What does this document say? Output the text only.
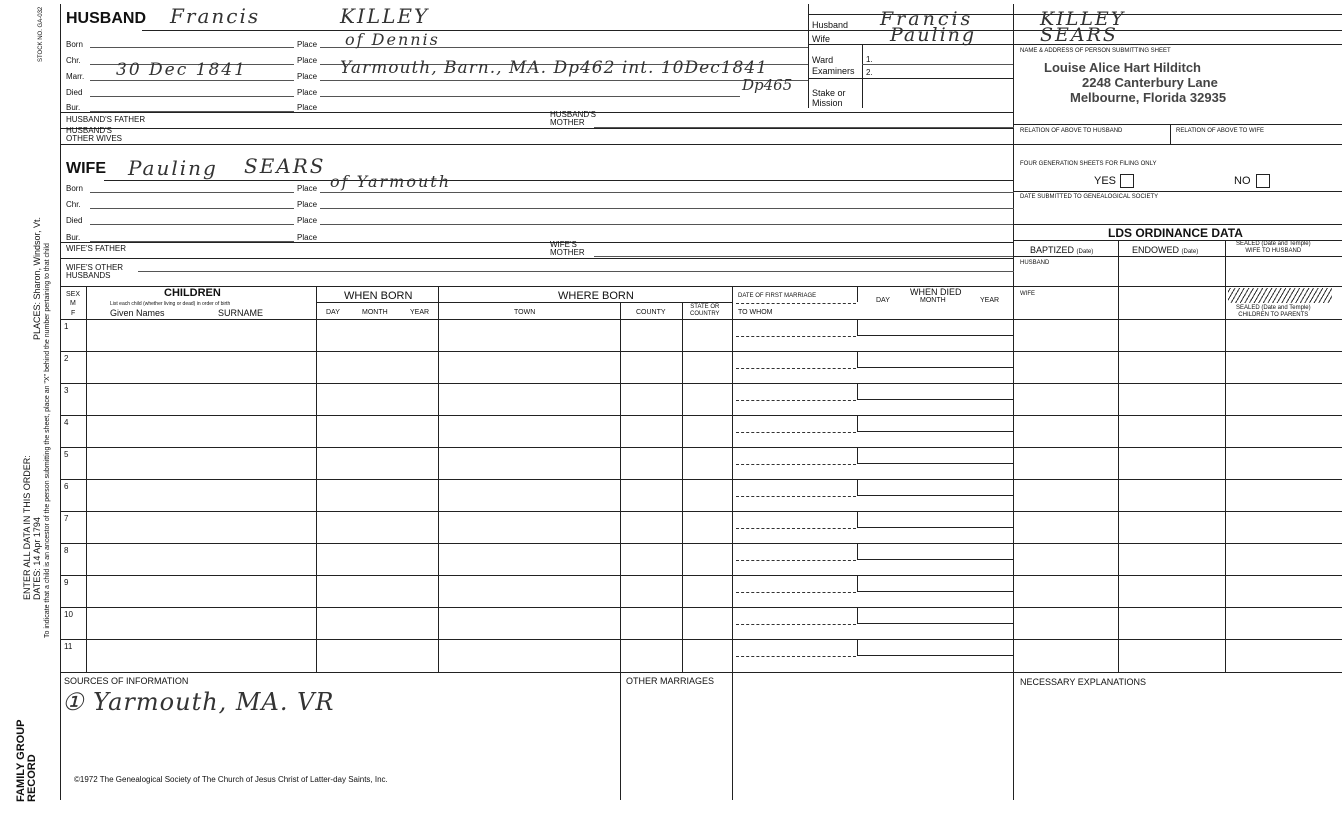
STOCK NO. GA-032
FAMILY GROUP RECORD
ENTER ALL DATA IN THIS ORDER: DATES: 14 Apr 1794
PLACES: Sharon, Windsor, Vt. To indicate that a child is an ancestor of the person submitting the sheet, place an "X" behind the number pertaining to that child
HUSBAND Francis	KILLEY
Born	Place of Dennis
Chr.	Place
Marr. 30 Dec 1841	Place Yarmouth, Barn., MA. Dp462 int. 10Dec1841
Dp465
Died	Place
Bur.	Place
HUSBAND'S FATHER
HUSBAND'S
MOTHER
HUSBAND'S
OTHER WIVES
WIFE Pauling SEARS
Born	Place of Yarmouth
Chr.	Place
Died	Place
Bur.	Place
WIFE'S FATHER	WIFE'S
MOTHER
WIFE'S OTHER
HUSBANDS
SEX
M
F
CHILDREN
List each child (whether living or dead) in order of birth
Given Names	SURNAME
WHEN BORN
DAY	MONTH	YEAR
WHERE BORN
TOWN	COUNTY
STATE OR
COUNTRY
DATE OF FIRST MARRIAGE
TO WHOM
WHEN DIED
DAY	MONTH	YEAR
1
2
3
4
5
6
7
8
9
10
11
SOURCES OF INFORMATION
① Yarmouth, MA. VR
OTHER MARRIAGES	NECESSARY EXPLANATIONS
©1972 The Genealogical Society of The Church of Jesus Christ of Latter-day Saints, Inc.
Husband Francis	KILLEY
Wife	Pauling	SEARS
Ward
Examiners
1.
2.
Stake or
Mission
NAME & ADDRESS OF PERSON SUBMITTING SHEET
Louise Alice Hart Hilditch
2248 Canterbury Lane
Melbourne, Florida 32935
RELATION OF ABOVE TO HUSBAND	RELATION OF ABOVE TO WIFE
FOUR GENERATION SHEETS FOR FILING ONLY
YES	NO
DATE SUBMITTED TO GENEALOGICAL SOCIETY
LDS ORDINANCE DATA
BAPTIZED (Date)	ENDOWED (Date)
SEALED (Date and Temple)
WIFE TO HUSBAND
HUSBAND
WIFE
SEALED (Date and Temple)
CHILDREN TO PARENTS
